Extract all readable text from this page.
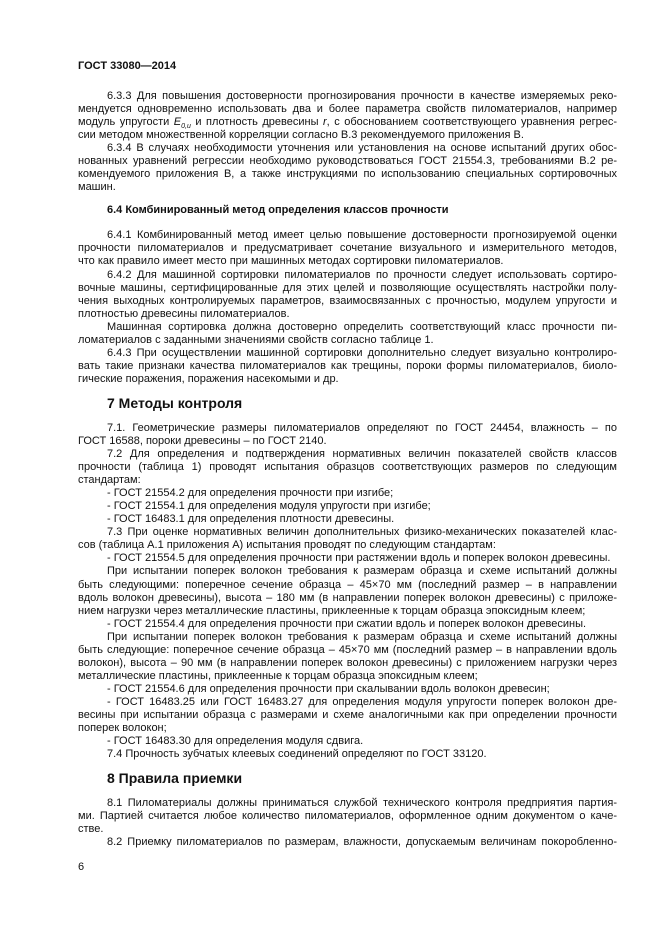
ГОСТ 33080—2014
6.3.3 Для повышения достоверности прогнозирования прочности в качестве измеряемых реко-
мендуется одновременно использовать два и более параметра свойств пиломатериалов, например
модуль упругости $E_{0,u}$ и плотность древесины r, с обоснованием соответствующего уравнения регрес-
сии методом множественной корреляции согласно В.3 рекомендуемого приложения В.
6.3.4 В случаях необходимости уточнения или установления на основе испытаний других обос-
нованных уравнений регрессии необходимо руководствоваться ГОСТ 21554.3, требованиями В.2 ре-
комендуемого приложения В, а также инструкциями по использованию специальных сортировочных
машин.
6.4 Комбинированный метод определения классов прочности
6.4.1 Комбинированный метод имеет целью повышение достоверности прогнозируемой оценки
прочности пиломатериалов и предусматривает сочетание визуального и измерительного методов,
что как правило имеет место при машинных методах сортировки пиломатериалов.
6.4.2 Для машинной сортировки пиломатериалов по прочности следует использовать сортиро-
вочные машины, сертифицированные для этих целей и позволяющие осуществлять настройки полу-
чения выходных контролируемых параметров, взаимосвязанных с прочностью, модулем упругости и
плотностью древесины пиломатериалов.
Машинная сортировка должна достоверно определить соответствующий класс прочности пи-
ломатериалов с заданными значениями свойств согласно таблице 1.
6.4.3 При осуществлении машинной сортировки дополнительно следует визуально контролиро-
вать такие признаки качества пиломатериалов как трещины, пороки формы пиломатериалов, биоло-
гические поражения, поражения насекомыми и др.
7 Методы контроля
7.1. Геометрические размеры пиломатериалов определяют по ГОСТ 24454, влажность – по
ГОСТ 16588, пороки древесины – по ГОСТ 2140.
7.2 Для определения и подтверждения нормативных величин показателей свойств классов
прочности (таблица 1) проводят испытания образцов соответствующих размеров по следующим
стандартам:
- ГОСТ 21554.2 для определения прочности при изгибе;
- ГОСТ 21554.1 для определения модуля упругости при изгибе;
- ГОСТ 16483.1 для определения плотности древесины.
7.3 При оценке нормативных величин дополнительных физико-механических показателей клас-
сов (таблица А.1 приложения А) испытания проводят по следующим стандартам:
- ГОСТ 21554.5 для определения прочности при растяжении вдоль и поперек волокон древесины.
При испытании поперек волокон требования к размерам образца и схеме испытаний должны
быть следующими: поперечное сечение образца – 45×70 мм (последний размер – в направлении
вдоль волокон древесины), высота – 180 мм (в направлении поперек волокон древесины) с приложе-
нием нагрузки через металлические пластины, приклеенные к торцам образца эпоксидным клеем;
- ГОСТ 21554.4 для определения прочности при сжатии вдоль и поперек волокон древесины.
При испытании поперек волокон требования к размерам образца и схеме испытаний должны
быть следующие: поперечное сечение образца – 45×70 мм (последний размер – в направлении вдоль
волокон), высота – 90 мм (в направлении поперек волокон древесины) с приложением нагрузки через
металлические пластины, приклеенные к торцам образца эпоксидным клеем;
- ГОСТ 21554.6 для определения прочности при скалывании вдоль волокон древесин;
- ГОСТ 16483.25 или ГОСТ 16483.27 для определения модуля упругости поперек волокон дре-
весины при испытании образца с размерами и схеме аналогичными как при определении прочности
поперек волокон;
- ГОСТ 16483.30 для определения модуля сдвига.
7.4 Прочность зубчатых клеевых соединений определяют по ГОСТ 33120.
8 Правила приемки
8.1 Пиломатериалы должны приниматься службой технического контроля предприятия партия-
ми. Партией считается любое количество пиломатериалов, оформленное одним документом о каче-
стве.
8.2 Приемку пиломатериалов по размерам, влажности, допускаемым величинам покоробленно-
6
